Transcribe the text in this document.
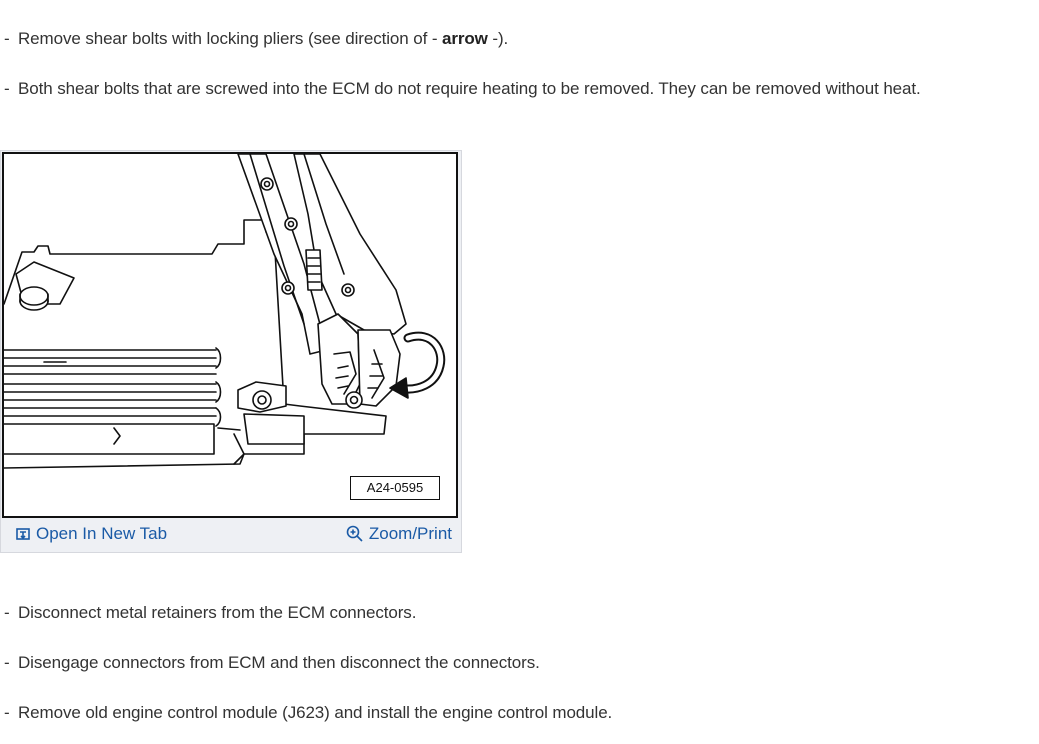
- Remove shear bolts with locking pliers (see direction of - arrow -).
- Both shear bolts that are screwed into the ECM do not require heating to be removed. They can be removed without heat.
A24-0595
Open In New Tab	Zoom/Print
- Disconnect metal retainers from the ECM connectors.
- Disengage connectors from ECM and then disconnect the connectors.
- Remove old engine control module (J623) and install the engine control module.
